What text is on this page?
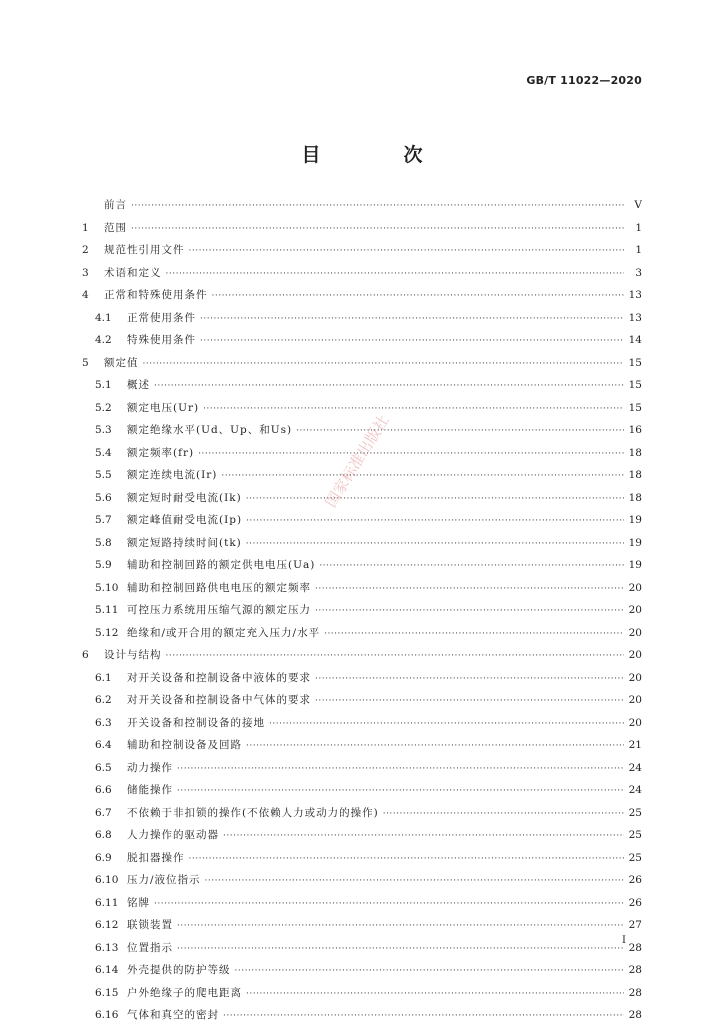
GB/T 11022—2020
目　次
前言 ·····	V
1	范围 ·····	1
2	规范性引用文件 ·····	1
3	术语和定义 ·····	3
4	正常和特殊使用条件 ·····	13
4.1	正常使用条件 ·····	13
4.2	特殊使用条件 ·····	14
5	额定值 ·····	15
5.1	概述 ·····	15
5.2	额定电压(Ur) ·····	15
5.3	额定绝缘水平(Ud、Up、和Us) ·····	16
5.4	额定频率(fr) ·····	18
5.5	额定连续电流(Ir) ·····	18
5.6	额定短时耐受电流(Ik) ·····	18
5.7	额定峰值耐受电流(Ip) ·····	19
5.8	额定短路持续时间(tk) ·····	19
5.9	辅助和控制回路的额定供电电压(Ua) ·····	19
5.10 辅助和控制回路供电电压的额定频率 ·····	20
5.11 可控压力系统用压缩气源的额定压力 ·····	20
5.12 绝缘和/或开合用的额定充入压力/水平 ·····	20
6	设计与结构 ·····	20
6.1	对开关设备和控制设备中液体的要求 ·····	20
6.2	对开关设备和控制设备中气体的要求 ·····	20
6.3	开关设备和控制设备的接地 ·····	20
6.4	辅助和控制设备及回路 ·····	21
6.5	动力操作 ·····	24
6.6	储能操作 ·····	24
6.7	不依赖于非扣锁的操作(不依赖人力或动力的操作) ·····	25
6.8	人力操作的驱动器 ·····	25
6.9	脱扣器操作 ·····	25
6.10 压力/液位指示 ·····	26
6.11 铭牌 ·····	26
6.12 联锁装置 ·····	27
6.13 位置指示 ·····	28
6.14 外壳提供的防护等级 ·····	28
6.15 户外绝缘子的爬电距离 ·····	28
6.16 气体和真空的密封 ·····	28
国家标准出版社
I
